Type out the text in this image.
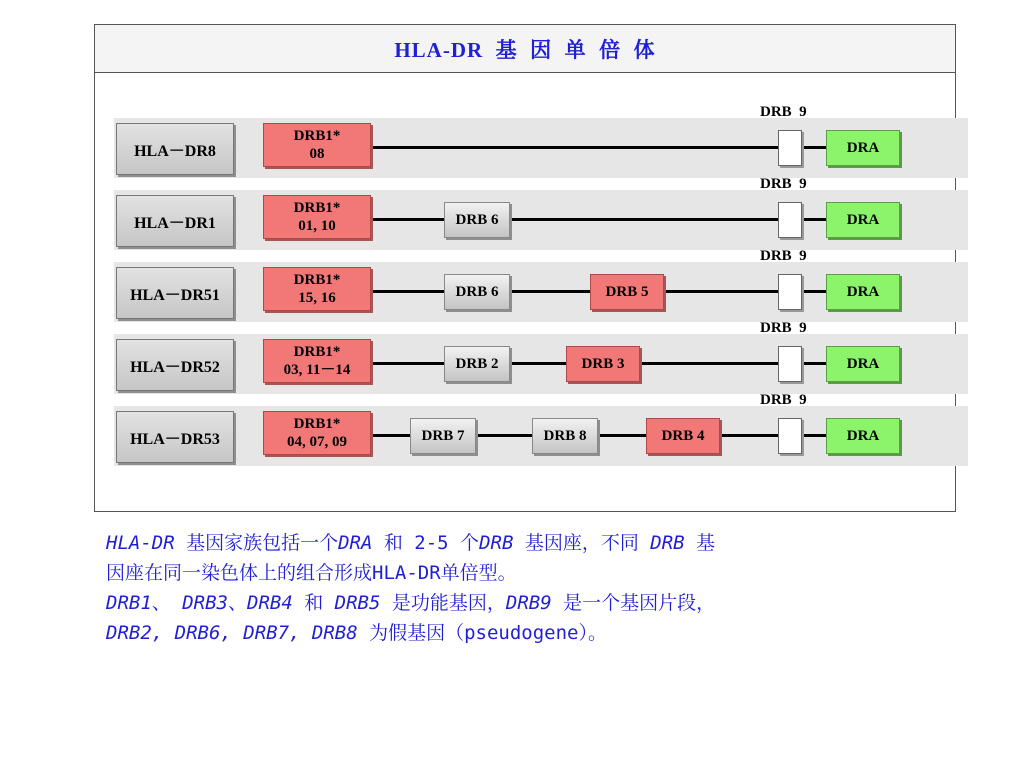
HLA-DR  基  因  单  倍  体
HLA－DR8
DRB1*
08
DRB  9
DRA
HLA－DR1
DRB1*
01, 10	DRB 6
DRB  9
DRA
HLA－DR51
DRB1*
15, 16	DRB 6	DRB 5
DRB  9
DRA
HLA－DR52
DRB1*
03, 11－14	DRB 2	DRB 3
DRB  9
DRA
HLA－DR53
DRB1*
04, 07, 09	DRB 7	DRB 8	DRB 4
DRB  9
DRA

HLA-DR 基因家族包括一个DRA 和 2-5 个DRB 基因座，不同 DRB 基

因座在同一染色体上的组合形成HLA-DR单倍型。

DRB1、 DRB3、DRB4 和 DRB5 是功能基因，DRB9 是一个基因片段，

DRB2, DRB6, DRB7, DRB8 为假基因（pseudogene）。
